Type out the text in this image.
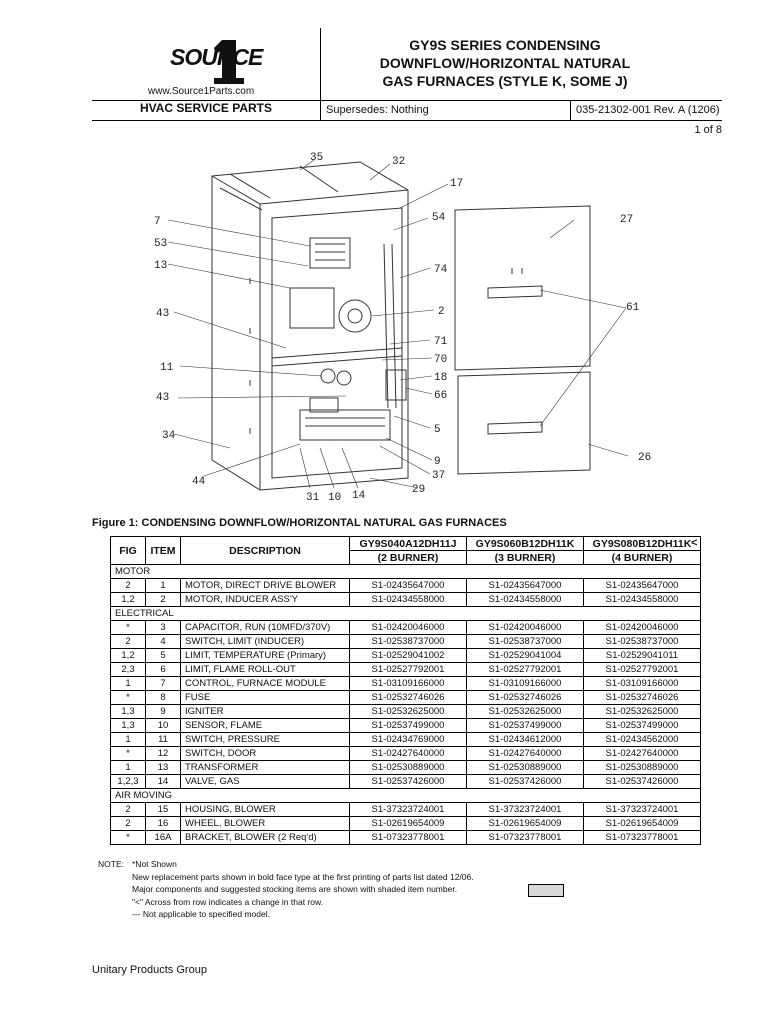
SOURCE
www.Source1Parts.com
GY9S SERIES CONDENSING
DOWNFLOW/HORIZONTAL NATURAL
GAS FURNACES (STYLE K, SOME J)
HVAC SERVICE PARTS	Supersedes: Nothing	035-21302-001 Rev. A (1206)
1 of 8
35	32
17
7	54	27
53
74
13
61
2
43
71
70
11
18
43	66
5
34
26
9
37
44
29
31 10 14
Figure 1: CONDENSING DOWNFLOW/HORIZONTAL NATURAL GAS FURNACES
FIG	ITEM	DESCRIPTION	GY9S040A12DH11J	GY9S060B12DH11K	GY9S080B12DH11K
			(2 BURNER)	(3 BURNER)	(4 BURNER)
MOTOR					
2	1	MOTOR, DIRECT DRIVE BLOWER	S1-02435647000	S1-02435647000	S1-02435647000
1,2	2	MOTOR, INDUCER ASS'Y	S1-02434558000	S1-02434558000	S1-02434558000
ELECTRICAL					
*	3	CAPACITOR, RUN (10MFD/370V)	S1-02420046000	S1-02420046000	S1-02420046000
2	4	SWITCH, LIMIT (INDUCER)	S1-02538737000	S1-02538737000	S1-02538737000
1,2	5	LIMIT, TEMPERATURE (Primary)	S1-02529041002	S1-02529041004	S1-02529041011
2,3	6	LIMIT, FLAME ROLL-OUT	S1-02527792001	S1-02527792001	S1-02527792001
1	7	CONTROL, FURNACE MODULE	S1-03109166000	S1-03109166000	S1-03109166000
*	8	FUSE	S1-02532746026	S1-02532746026	S1-02532746026
1,3	9	IGNITER	S1-02532625000	S1-02532625000	S1-02532625000
1,3	10	SENSOR, FLAME	S1-02537499000	S1-02537499000	S1-02537499000
1	11	SWITCH, PRESSURE	S1-02434769000	S1-02434612000	S1-02434562000
*	12	SWITCH, DOOR	S1-02427640000	S1-02427640000	S1-02427640000
1	13	TRANSFORMER	S1-02530889000	S1-02530889000	S1-02530889000
1,2,3	14	VALVE, GAS	S1-02537426000	S1-02537426000	S1-02537426000
AIR MOVING					
2	15	HOUSING, BLOWER	S1-37323724001	S1-37323724001	S1-37323724001
2	16	WHEEL, BLOWER	S1-02619654009	S1-02619654009	S1-02619654009
*	16A	BRACKET, BLOWER (2 Req'd)	S1-07323778001	S1-07323778001	S1-07323778001
<
NOTE: *Not Shown
New replacement parts shown in bold face type at the first printing of parts list dated 12/06.
Major components and suggested stocking items are shown with shaded item number.
"<" Across from row indicates a change in that row.
--- Not applicable to specified model.
Unitary Products Group
